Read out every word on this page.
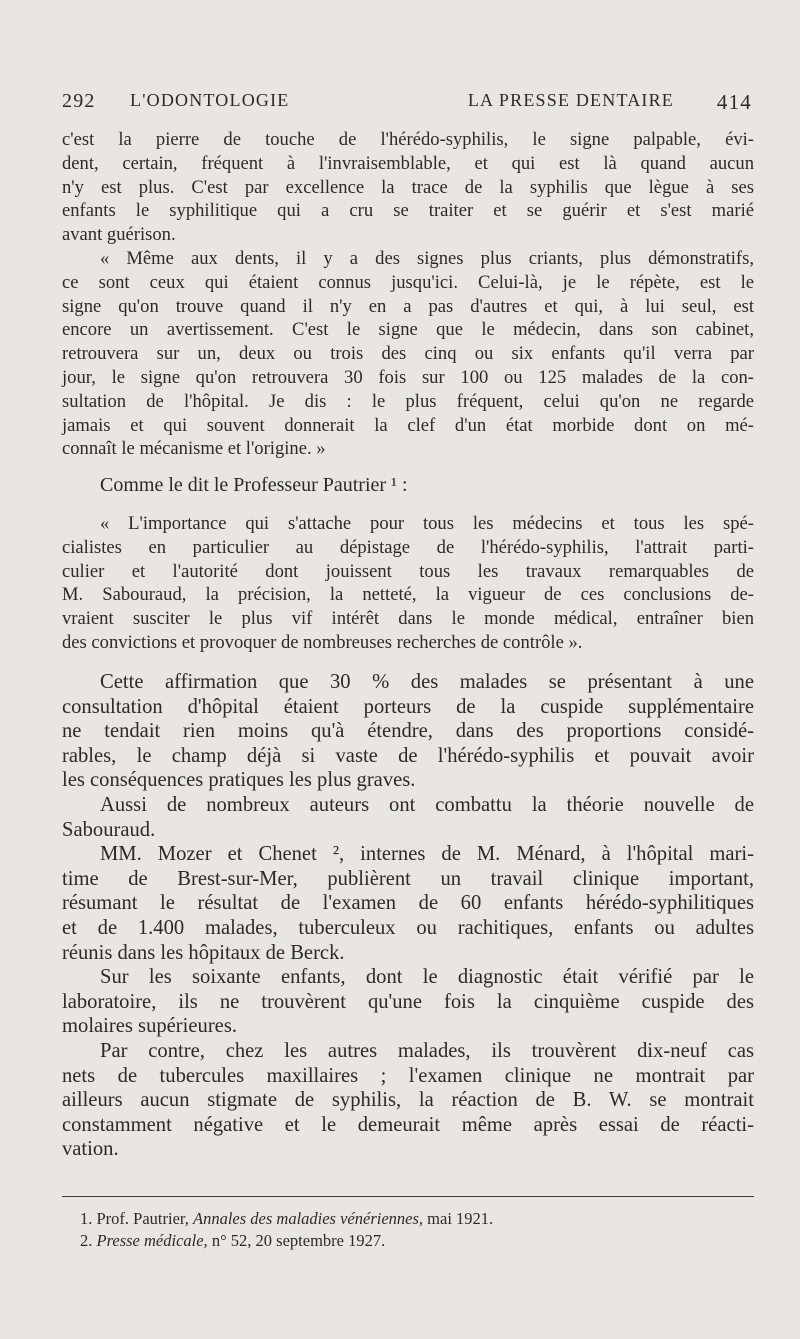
292 L'ODONTOLOGIE	LA PRESSE DENTAIRE 414
c'est la pierre de touche de l'hérédo-syphilis, le signe palpable, évi-
dent, certain, fréquent à l'invraisemblable, et qui est là quand aucun
n'y est plus. C'est par excellence la trace de la syphilis que lègue à ses
enfants le syphilitique qui a cru se traiter et se guérir et s'est marié
avant guérison.
« Même aux dents, il y a des signes plus criants, plus démonstratifs,
ce sont ceux qui étaient connus jusqu'ici. Celui-là, je le répète, est le
signe qu'on trouve quand il n'y en a pas d'autres et qui, à lui seul, est
encore un avertissement. C'est le signe que le médecin, dans son cabinet,
retrouvera sur un, deux ou trois des cinq ou six enfants qu'il verra par
jour, le signe qu'on retrouvera 30 fois sur 100 ou 125 malades de la con-
sultation de l'hôpital. Je dis : le plus fréquent, celui qu'on ne regarde
jamais et qui souvent donnerait la clef d'un état morbide dont on mé-
connaît le mécanisme et l'origine. »
Comme le dit le Professeur Pautrier ¹ :
« L'importance qui s'attache pour tous les médecins et tous les spé-
cialistes en particulier au dépistage de l'hérédo-syphilis, l'attrait parti-
culier et l'autorité dont jouissent tous les travaux remarquables de
M. Sabouraud, la précision, la netteté, la vigueur de ces conclusions de-
vraient susciter le plus vif intérêt dans le monde médical, entraîner bien
des convictions et provoquer de nombreuses recherches de contrôle ».
Cette affirmation que 30 % des malades se présentant à une
consultation d'hôpital étaient porteurs de la cuspide supplémentaire
ne tendait rien moins qu'à étendre, dans des proportions considé-
rables, le champ déjà si vaste de l'hérédo-syphilis et pouvait avoir
les conséquences pratiques les plus graves.
Aussi de nombreux auteurs ont combattu la théorie nouvelle de
Sabouraud.
MM. Mozer et Chenet ², internes de M. Ménard, à l'hôpital mari-
time de Brest-sur-Mer, publièrent un travail clinique important,
résumant le résultat de l'examen de 60 enfants hérédo-syphilitiques
et de 1.400 malades, tuberculeux ou rachitiques, enfants ou adultes
réunis dans les hôpitaux de Berck.
Sur les soixante enfants, dont le diagnostic était vérifié par le
laboratoire, ils ne trouvèrent qu'une fois la cinquième cuspide des
molaires supérieures.
Par contre, chez les autres malades, ils trouvèrent dix-neuf cas
nets de tubercules maxillaires ; l'examen clinique ne montrait par
ailleurs aucun stigmate de syphilis, la réaction de B. W. se montrait
constamment négative et le demeurait même après essai de réacti-
vation.
1. Prof. Pautrier, Annales des maladies vénériennes, mai 1921.
2. Presse médicale, n° 52, 20 septembre 1927.
